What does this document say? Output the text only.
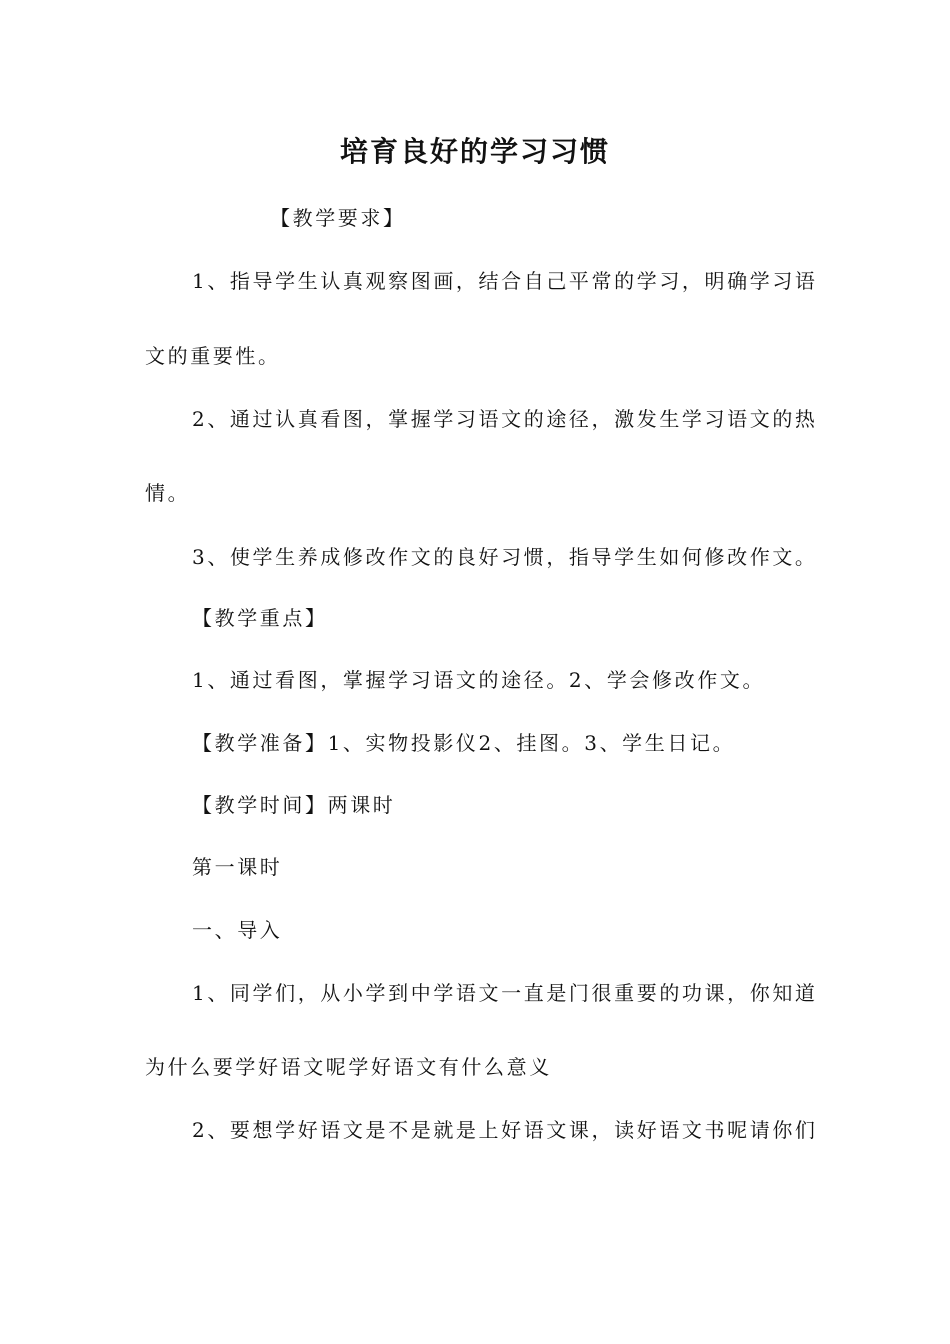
培育良好的学习习惯
【教学要求】
1、指导学生认真观察图画，结合自己平常的学习，明确学习语
文的重要性。
2、通过认真看图，掌握学习语文的途径，激发生学习语文的热
情。
3、使学生养成修改作文的良好习惯，指导学生如何修改作文。
【教学重点】
1、通过看图，掌握学习语文的途径。2、学会修改作文。
【教学准备】1、实物投影仪2、挂图。3、学生日记。
【教学时间】两课时
第一课时
一、导入
1、同学们，从小学到中学语文一直是门很重要的功课，你知道
为什么要学好语文呢学好语文有什么意义
2、要想学好语文是不是就是上好语文课，读好语文书呢请你们
